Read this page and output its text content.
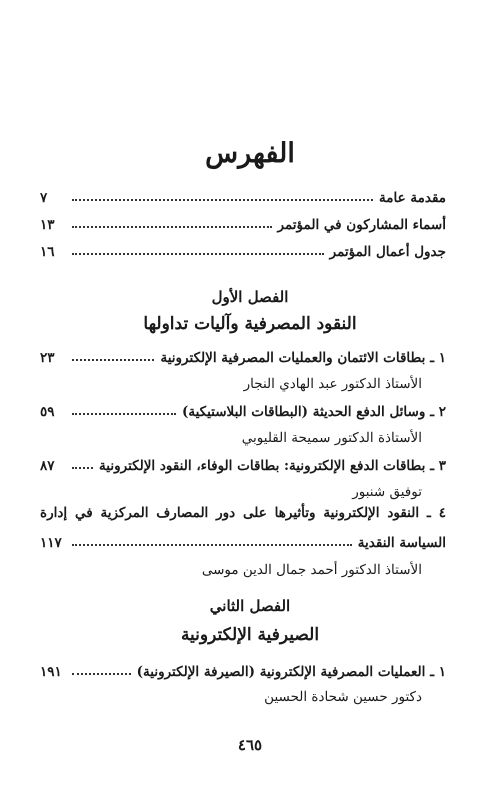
الفهرس
مقدمة عامة
٧
أسماء المشاركون في المؤتمر
١٣
جدول أعمال المؤتمر
١٦
الفصل الأول
النقود المصرفية وآليات تداولها
١ ـ بطاقات الائتمان والعمليات المصرفية الإلكترونية
٢٣
الأستاذ الدكتور عبد الهادي النجار
٢ ـ وسائل الدفع الحديثة (البطاقات البلاستيكية)
٥٩
الأستاذة الدكتور سميحة القليوبي
٣ ـ بطاقات الدفع الإلكترونية: بطاقات الوفاء، النقود الإلكترونية
٨٧
توفيق شنبور
٤ ـ النقود الإلكترونية وتأثيرها على دور المصارف المركزية في إدارة
السياسة النقدية
١١٧
الأستاذ الدكتور أحمد جمال الدين موسى
الفصل الثاني
الصيرفية الإلكترونية
١ ـ العمليات المصرفية الإلكترونية (الصيرفة الإلكترونية)
١٩١
دكتور حسين شحادة الحسين
٤٦٥
